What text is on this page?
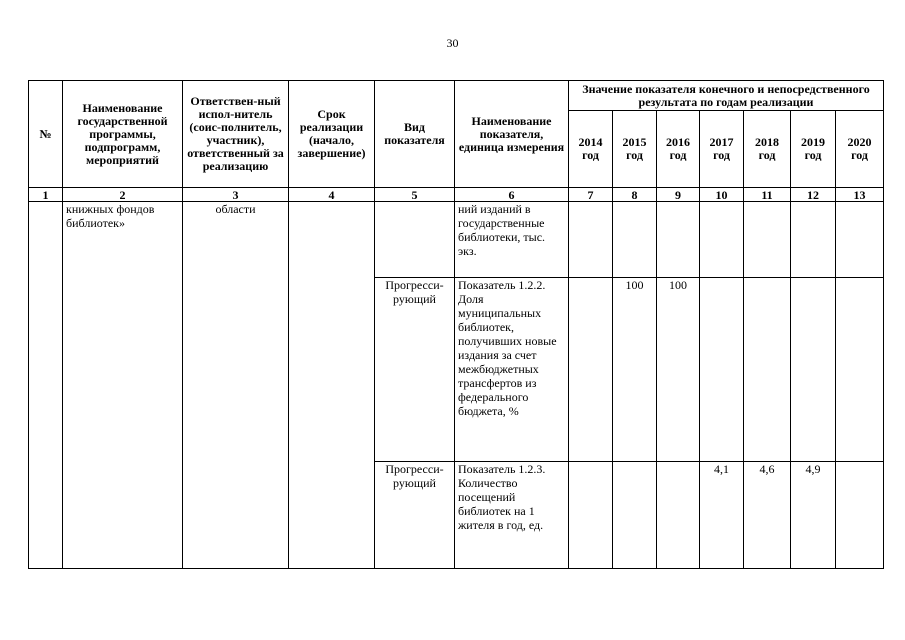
30
№	Наименование государственной программы, подпрограмм, мероприятий	Ответствен-ный испол-нитель (соис-полнитель, участник), ответственный за реализацию	Срок реализации (начало, завершение)	Вид показателя	Наименование показателя, единица измерения	Значение показателя конечного и непосредственного результата по годам реализации						
						2014 год	2015 год	2016 год	2017 год	2018 год	2019 год	2020 год
1	2	3	4	5	6	7	8	9	10	11	12	13
	книжных фондов библиотек»	области			ний изданий в государственные библиотеки, тыс. экз.							
				Прогресси-рующий	Показатель 1.2.2. Доля муниципальных библиотек, получивших новые издания за счет межбюджетных трансфертов из федерального бюджета, %		100	100				
				Прогресси-рующий	Показатель 1.2.3. Количество посещений библиотек на 1 жителя в год, ед.				4,1	4,6	4,9	
